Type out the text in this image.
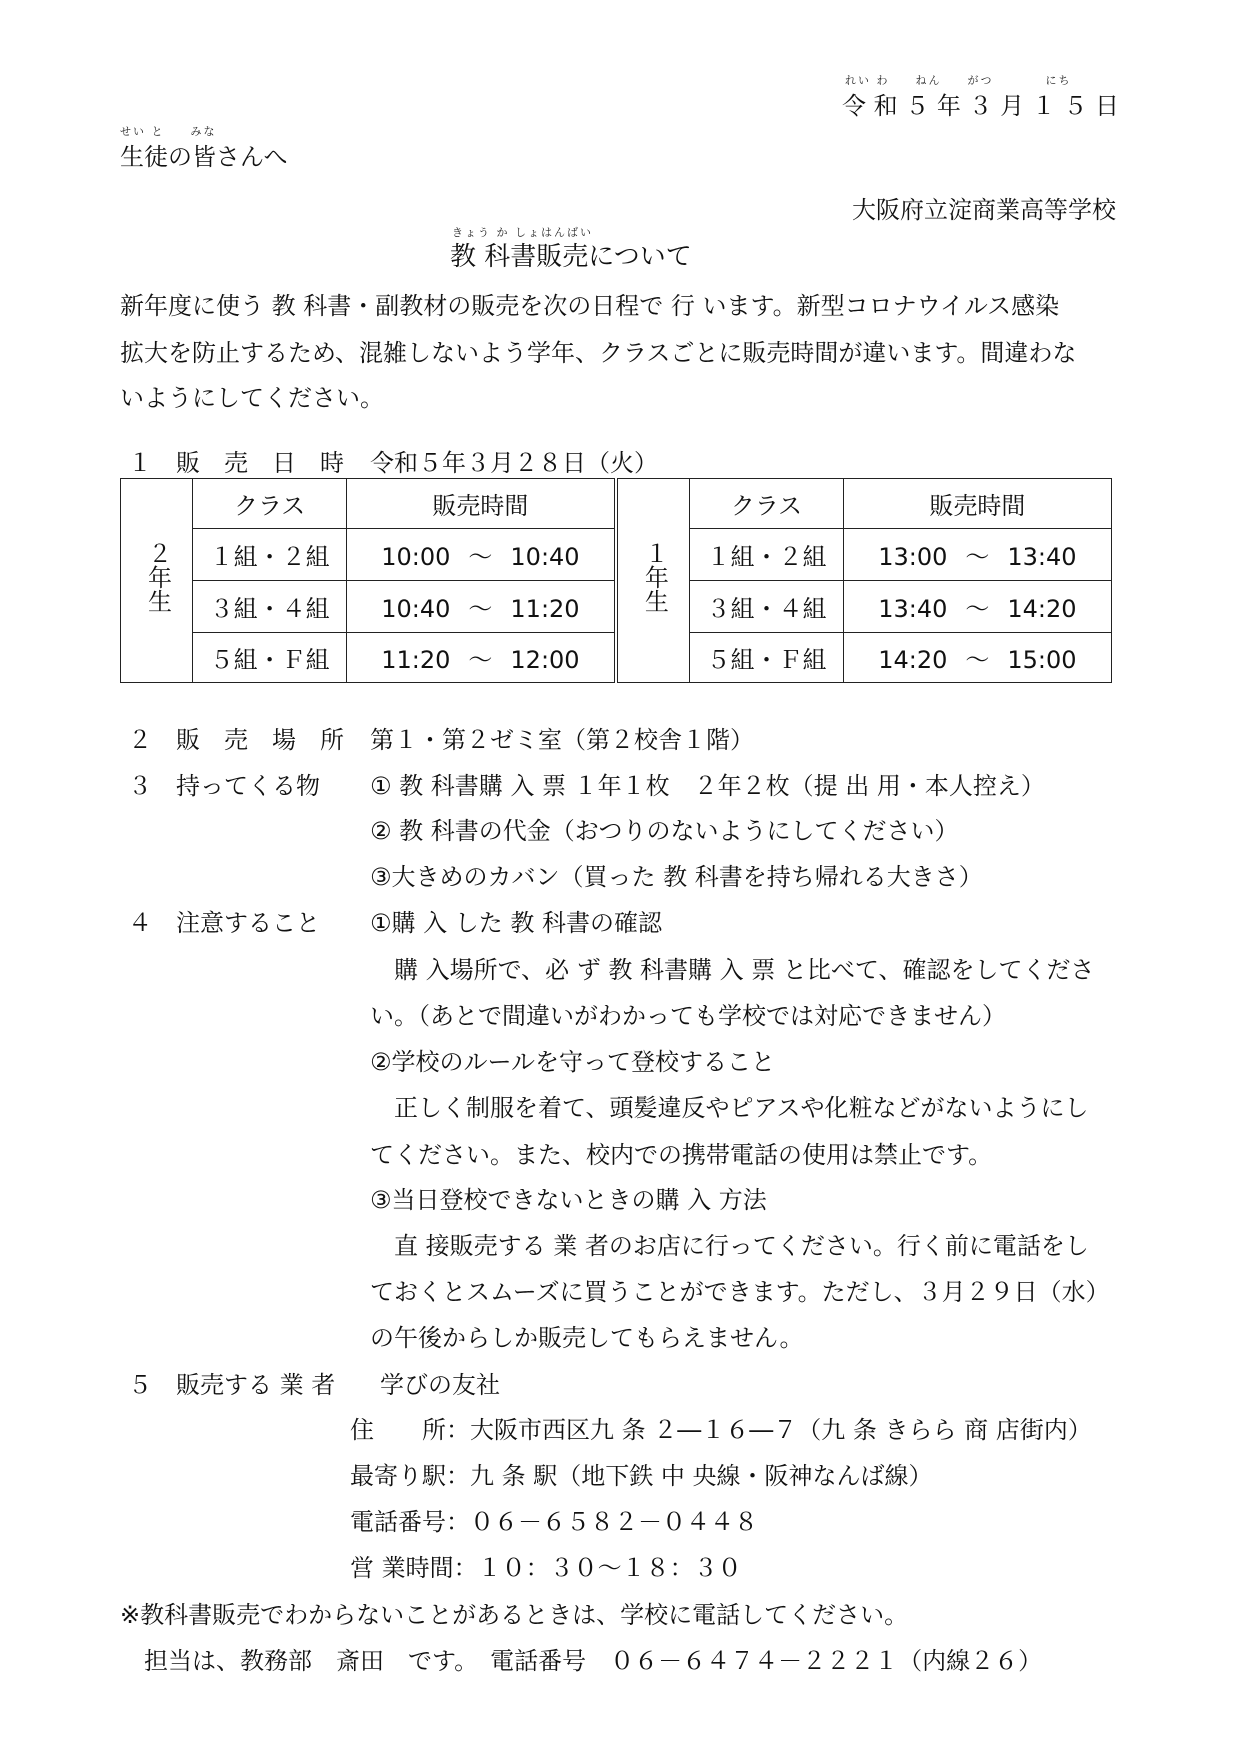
れい わ　　ねん　　がつ　　　　にち
令 和 ５ 年 ３ 月 １ ５ 日
せい と　　みな
生徒の皆さんへ
大阪府立淀商業高等学校
きょう か しょはんばい
教 科書販売について
新年度に使う 教 科書・副教材の販売を次の日程で 行 います。新型コロナウイルス感染
拡大を防止するため、混雑しないよう学年、クラスごとに販売時間が違います。間違わな
いようにしてください。
１　販　売　日　時 令和５年３月２８日（火）
２年生	クラス	販売時間		１年生	クラス	販売時間
	１組・２組	10:00 ～ 10:40			１組・２組	13:00 ～ 13:40
	３組・４組	10:40 ～ 11:20			３組・４組	13:40 ～ 14:20
	５組・Ｆ組	11:20 ～ 12:00			５組・Ｆ組	14:20 ～ 15:00
２　販　売　場　所 第１・第２ゼミ室（第２校舎１階）
３　持ってくる物 ① 教 科書購 入 票 １年１枚　２年２枚（提 出 用・本人控え）
② 教 科書の代金（おつりのないようにしてください）
③大きめのカバン（買った 教 科書を持ち帰れる大きさ）
４　注意すること ①購 入 した 教 科書の確認
　購 入場所で、必 ず 教 科書購 入 票 と比べて、確認をしてくださ
い。（あとで間違いがわかっても学校では対応できません）
②学校のルールを守って登校すること
　正しく制服を着て、頭髪違反やピアスや化粧などがないようにし
てください。また、校内での携帯電話の使用は禁止です。
③当日登校できないときの購 入 方法
　直 接販売する 業 者のお店に行ってください。行く前に電話をし
ておくとスムーズに買うことができます。ただし、３月２９日（水）
の午後からしか販売してもらえません。
５　販売する 業 者 学びの友社
住　　所：大阪市西区九 条 ２―１６―７（九 条 きらら 商 店街内）
最寄り駅：九 条 駅（地下鉄 中 央線・阪神なんば線）
電話番号：０６－６５８２－０４４８
営 業時間：１０：３０～１８：３０
※教科書販売でわからないことがあるときは、学校に電話してください。
　担当は、教務部　斎田　です。　電話番号　０６－６４７４－２２２１（内線２６）
